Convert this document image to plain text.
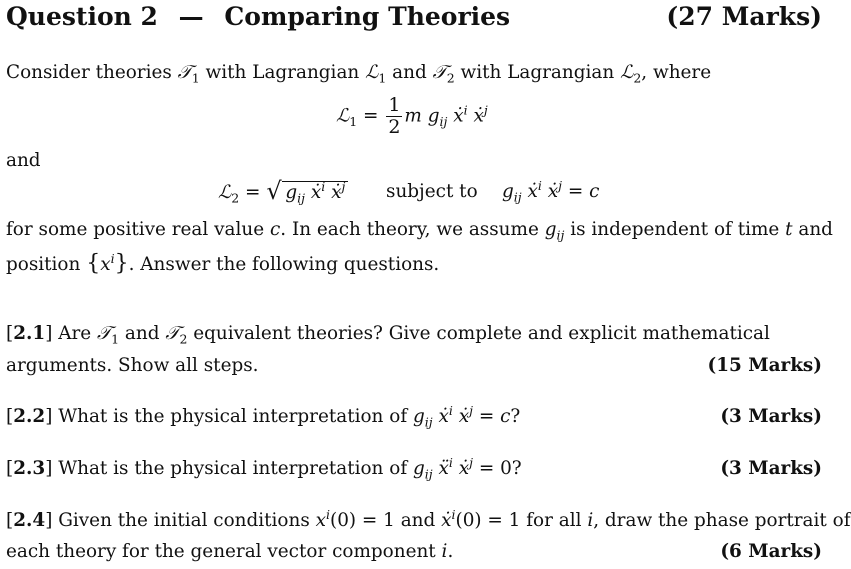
Question 2 — Comparing Theories	(27 Marks)
Consider theories 𝒯$_1$ with Lagrangian ℒ$_1$ and 𝒯$_2$ with Lagrangian ℒ$_2$, where
ℒ$_1$ = $\frac{1}{2}$ m $g_{ij}$ ẋ$^i$ ẋ$^j$
and
ℒ$_2$ = √ $g_{ij}$ ẋ$^i$ ẋ$^j$ subject to $g_{ij}$ ẋ$^i$ ẋ$^j$ = c
for some positive real value c. In each theory, we assume $g_{ij}$ is independent of time t and
position $\{x^i\}$. Answer the following questions.
[2.1] Are 𝒯$_1$ and 𝒯$_2$ equivalent theories? Give complete and explicit mathematical
arguments. Show all steps.	(15 Marks)
[2.2] What is the physical interpretation of $g_{ij}$ ẋ$^i$ ẋ$^j$ = c?	(3 Marks)
[2.3] What is the physical interpretation of $g_{ij}$ ẍ$^i$ ẋ$^j$ = 0?	(3 Marks)
[2.4] Given the initial conditions $x^i(0) = 1$ and ẋ$^i$(0) = 1 for all i, draw the phase portrait of
each theory for the general vector component i.	(6 Marks)
